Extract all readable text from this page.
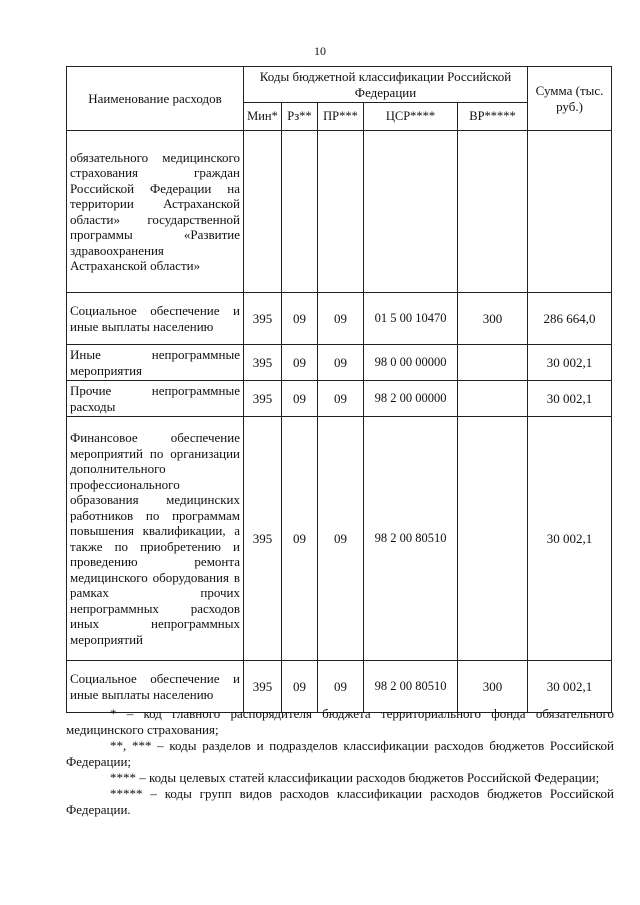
10
Наименование расходов	Коды бюджетной классификации Российской Федерации					Сумма (тыс. руб.)
	Мин*	Рз**	ПР***	ЦСР****	ВР*****	
обязательного медицинского страхования граждан Российской Федерации на территории Астраханской области» государственной программы «Развитие здравоохранения Астраханской области»						
Социальное обеспечение и иные выплаты населению	395	09	09	01 5 00 10470	300	286 664,0
Иные непрограммные мероприятия	395	09	09	98 0 00 00000		30 002,1
Прочие непрограммные расходы	395	09	09	98 2 00 00000		30 002,1
Финансовое обеспечение мероприятий по организации дополнительного профессионального образования медицинских работников по программам повышения квалификации, а также по приобретению и проведению ремонта медицинского оборудования в рамках прочих непрограммных расходов иных непрограммных мероприятий	395	09	09	98 2 00 80510		30 002,1
Социальное обеспечение и иные выплаты населению	395	09	09	98 2 00 80510	300	30 002,1

* – код главного распорядителя бюджета территориального фонда обязательного медицинского страхования;

**, *** – коды разделов и подразделов классификации расходов бюджетов Российской Федерации;

**** – коды целевых статей классификации расходов бюджетов Российской Федерации;

***** – коды групп видов расходов классификации расходов бюджетов Российской Федерации.
